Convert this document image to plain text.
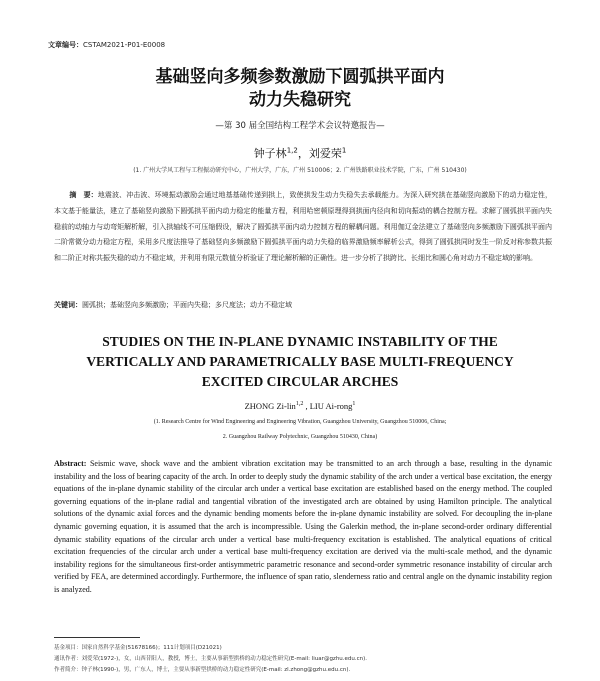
文章编号：CSTAM2021-P01-E0008
基础竖向多频参数激励下圆弧拱平面内
动力失稳研究
—第 30 届全国结构工程学术会议特邀报告—
钟子林$^{1,2}$，刘爱荣$^1$
(1. 广州大学风工程与工程振动研究中心，广州大学，广东，广州 510006；2. 广州铁路职业技术学院，广东，广州 510430)
摘　要：地震波、冲击波、环境振动激励会通过地基基础传递到拱上，致使拱发生动力失稳失去承载能力。为深入研究拱在基础竖向激励下的动力稳定性，本文基于能量法，建立了基础竖向激励下圆弧拱平面内动力稳定的能量方程，利用哈密顿原理得到拱面内径向和切向振动的耦合控制方程。求解了圆弧拱平面内失稳前的动轴力与动弯矩解析解，引入拱轴线不可压缩假设，解决了圆弧拱平面内动力控制方程的解耦问题。利用伽辽金法建立了基础竖向多频激励下圆弧拱平面内二阶常微分动力稳定方程，采用多尺度法推导了基础竖向多频激励下圆弧拱平面内动力失稳的临界激励频率解析公式，得到了圆弧拱同时发生一阶反对称参数共振和二阶正对称共振失稳的动力不稳定域，并利用有限元数值分析验证了理论解析解的正确性。进一步分析了拱跨比、长细比和圆心角对动力不稳定域的影响。
关键词：圆弧拱；基础竖向多频激励；平面内失稳；多尺度法；动力不稳定域
STUDIES ON THE IN-PLANE DYNAMIC INSTABILITY OF THE
VERTICALLY AND PARAMETRICALLY BASE MULTI-FREQUENCY
EXCITED CIRCULAR ARCHES
ZHONG Zi-lin$^{1,2}$ , LIU Ai-rong$^1$
(1. Research Centre for Wind Engineering and Engineering Vibration, Guangzhou University, Guangzhou 510006, China;
2. Guangzhou Railway Polytechnic, Guangzhou 510430, China)
Abstract: Seismic wave, shock wave and the ambient vibration excitation may be transmitted to an arch through a base, resulting in the dynamic instability and the loss of bearing capacity of the arch. In order to deeply study the dynamic stability of the arch under a vertical base excitation, the energy equations of the in-plane dynamic stability of the circular arch under a vertical base excitation are established based on the energy method. The coupled governing equations of the in-plane radial and tangential vibration of the investigated arch are obtained by using Hamilton principle. The analytical solutions of the dynamic axial forces and the dynamic bending moments before the in-plane dynamic instability are solved. For decoupling the in-plane dynamic governing equation, it is assumed that the arch is incompressible. Using the Galerkin method, the in-plane second-order ordinary differential dynamic stability equations of the circular arch under a vertical base multi-frequency excitation is established. The analytical equations of critical excitation frequencies of the circular arch under a vertical base multi-frequency excitation are derived via the multi-scale method, and the dynamic instability regions for the simultaneous first-order antisymmetric parametric resonance and second-order symmetric resonance instability of circular arch verified by FEA, are determined accordingly. Furthermore, the influence of span ratio, slenderness ratio and central angle on the dynamic instability region is analyzed.
基金项目：国家自然科学基金(51678166)；111计划项目(D21021)
通讯作者：刘爱荣(1972-)，女，山西昔阳人，教授，博士，主要从事新型拱桥的动力稳定性研究(E-mail: liuar@gzhu.edu.cn).
作者简介：钟子林(1990-)，男，广东人，博士，主要从事新型拱桥的动力稳定性研究(E-mail: zl.zhong@gzhu.edu.cn).
